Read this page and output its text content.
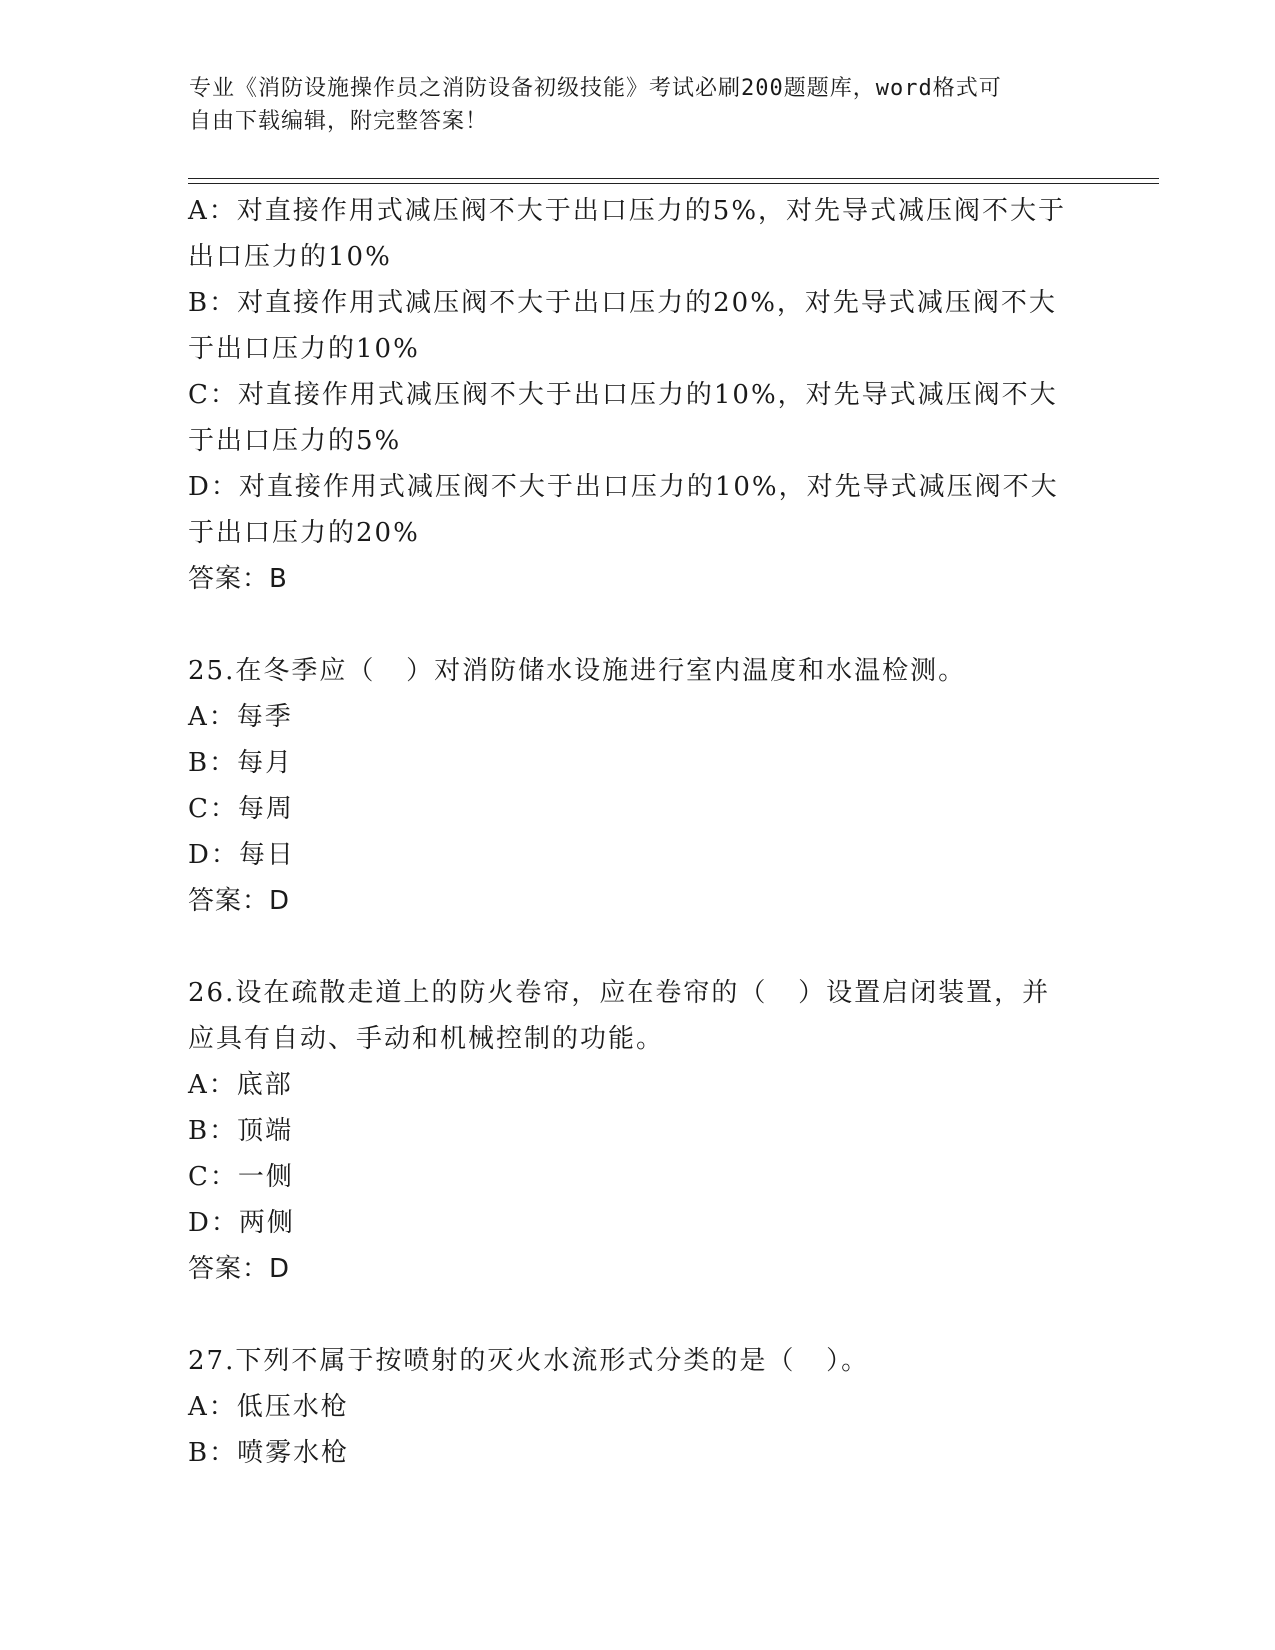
专业《消防设施操作员之消防设备初级技能》考试必刷200题题库，word格式可
自由下载编辑，附完整答案！
A：对直接作用式减压阀不大于出口压力的5%，对先导式减压阀不大于
出口压力的10%
B：对直接作用式减压阀不大于出口压力的20%，对先导式减压阀不大
于出口压力的10%
C：对直接作用式减压阀不大于出口压力的10%，对先导式减压阀不大
于出口压力的5%
D：对直接作用式减压阀不大于出口压力的10%，对先导式减压阀不大
于出口压力的20%
答案：B
25.在冬季应（   ）对消防储水设施进行室内温度和水温检测。
A：每季
B：每月
C：每周
D：每日
答案：D
26.设在疏散走道上的防火卷帘，应在卷帘的（   ）设置启闭装置，并
应具有自动、手动和机械控制的功能。
A：底部
B：顶端
C：一侧
D：两侧
答案：D
27.下列不属于按喷射的灭火水流形式分类的是（   ）。
A：低压水枪
B：喷雾水枪
